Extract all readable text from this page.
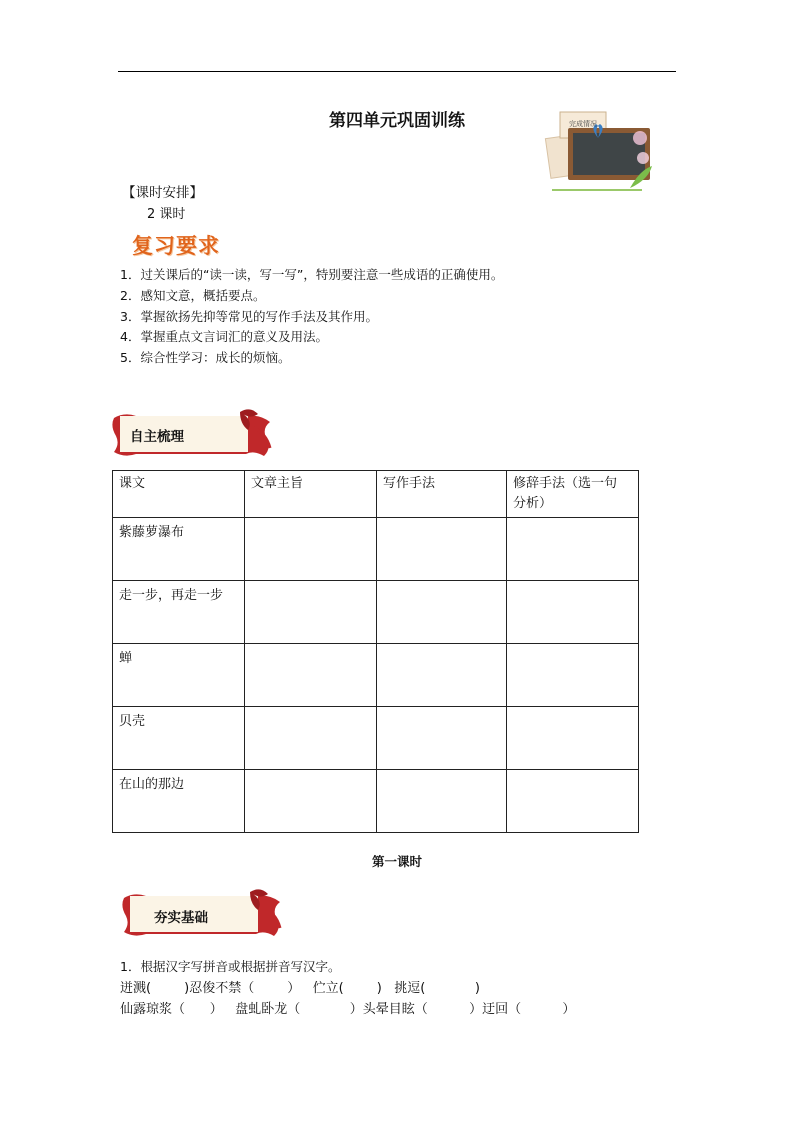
第四单元巩固训练	完成情况
【课时安排】
2 课时
复习要求
1．过关课后的“读一读，写一写”，特别要注意一些成语的正确使用。
2．感知文意，概括要点。
3．掌握欲扬先抑等常见的写作手法及其作用。
4．掌握重点文言词汇的意义及用法。
5．综合性学习：成长的烦恼。
自主梳理
课文	文章主旨	写作手法	修辞手法（选一句
分析）
紫藤萝瀑布			
走一步，再走一步			
蝉			
贝壳			
在山的那边			
第一课时
夯实基础
1．根据汉字写拼音或根据拼音写汉字。
迸溅(        )忍俊不禁（        ）   伫立(        )   挑逗(            )
仙露琼浆（      ）   盘虬卧龙（            ）头晕目眩（          ）迂回（          ）
